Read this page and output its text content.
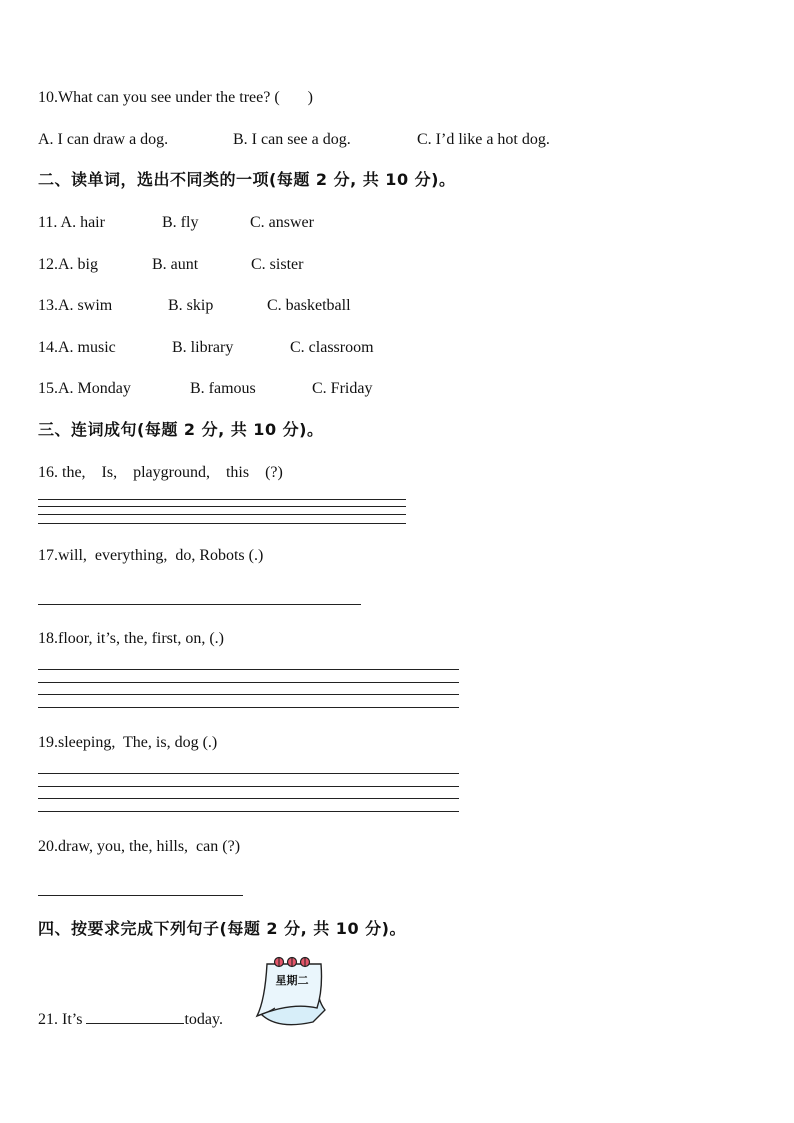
10.What can you see under the tree? (       )
A. I can draw a dog.	B. I can see a dog.	C. I’d like a hot dog.
二、读单词，选出不同类的一项(每题 2 分, 共 10 分)。
11. A. hair	B. fly	C. answer
12.A. big	B. aunt	C. sister
13.A. swim	B. skip	C. basketball
14.A. music	B. library	C. classroom
15.A. Monday	B. famous	C. Friday
三、连词成句(每题 2 分, 共 10 分)。
16. the,    Is,    playground,    this    (?)
17.will,  everything,  do, Robots (.)
18.floor, it’s, the, first, on, (.)
19.sleeping,  The, is, dog (.)
20.draw, you, the, hills,  can (?)
四、按要求完成下列句子(每题 2 分, 共 10 分)。
21. It’s	today.
星期二
